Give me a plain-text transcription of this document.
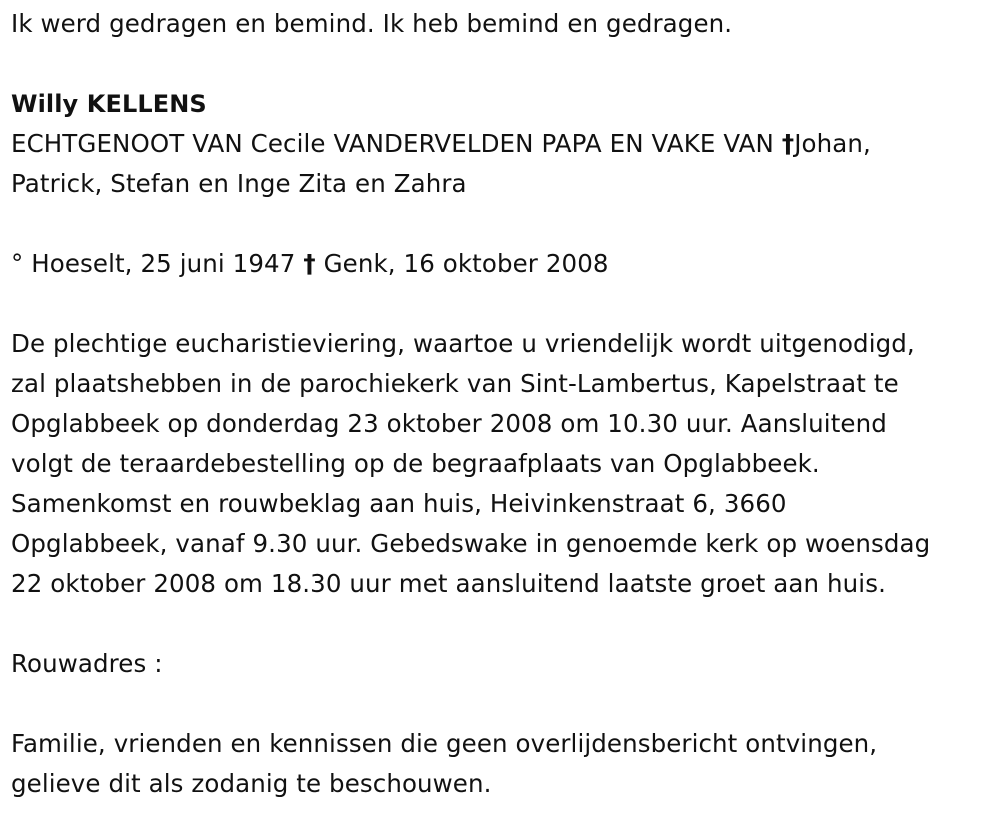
Ik werd gedragen en bemind. Ik heb bemind en gedragen.
Willy KELLENS
ECHTGENOOT VAN Cecile VANDERVELDEN PAPA EN VAKE VAN †Johan,
Patrick, Stefan en Inge Zita en Zahra
° Hoeselt, 25 juni 1947 † Genk, 16 oktober 2008
De plechtige eucharistieviering, waartoe u vriendelijk wordt uitgenodigd,
zal plaatshebben in de parochiekerk van Sint-Lambertus, Kapelstraat te
Opglabbeek op donderdag 23 oktober 2008 om 10.30 uur. Aansluitend
volgt de teraardebestelling op de begraafplaats van Opglabbeek.
Samenkomst en rouwbeklag aan huis, Heivinkenstraat 6, 3660
Opglabbeek, vanaf 9.30 uur. Gebedswake in genoemde kerk op woensdag
22 oktober 2008 om 18.30 uur met aansluitend laatste groet aan huis.
Rouwadres :
Familie, vrienden en kennissen die geen overlijdensbericht ontvingen,
gelieve dit als zodanig te beschouwen.
